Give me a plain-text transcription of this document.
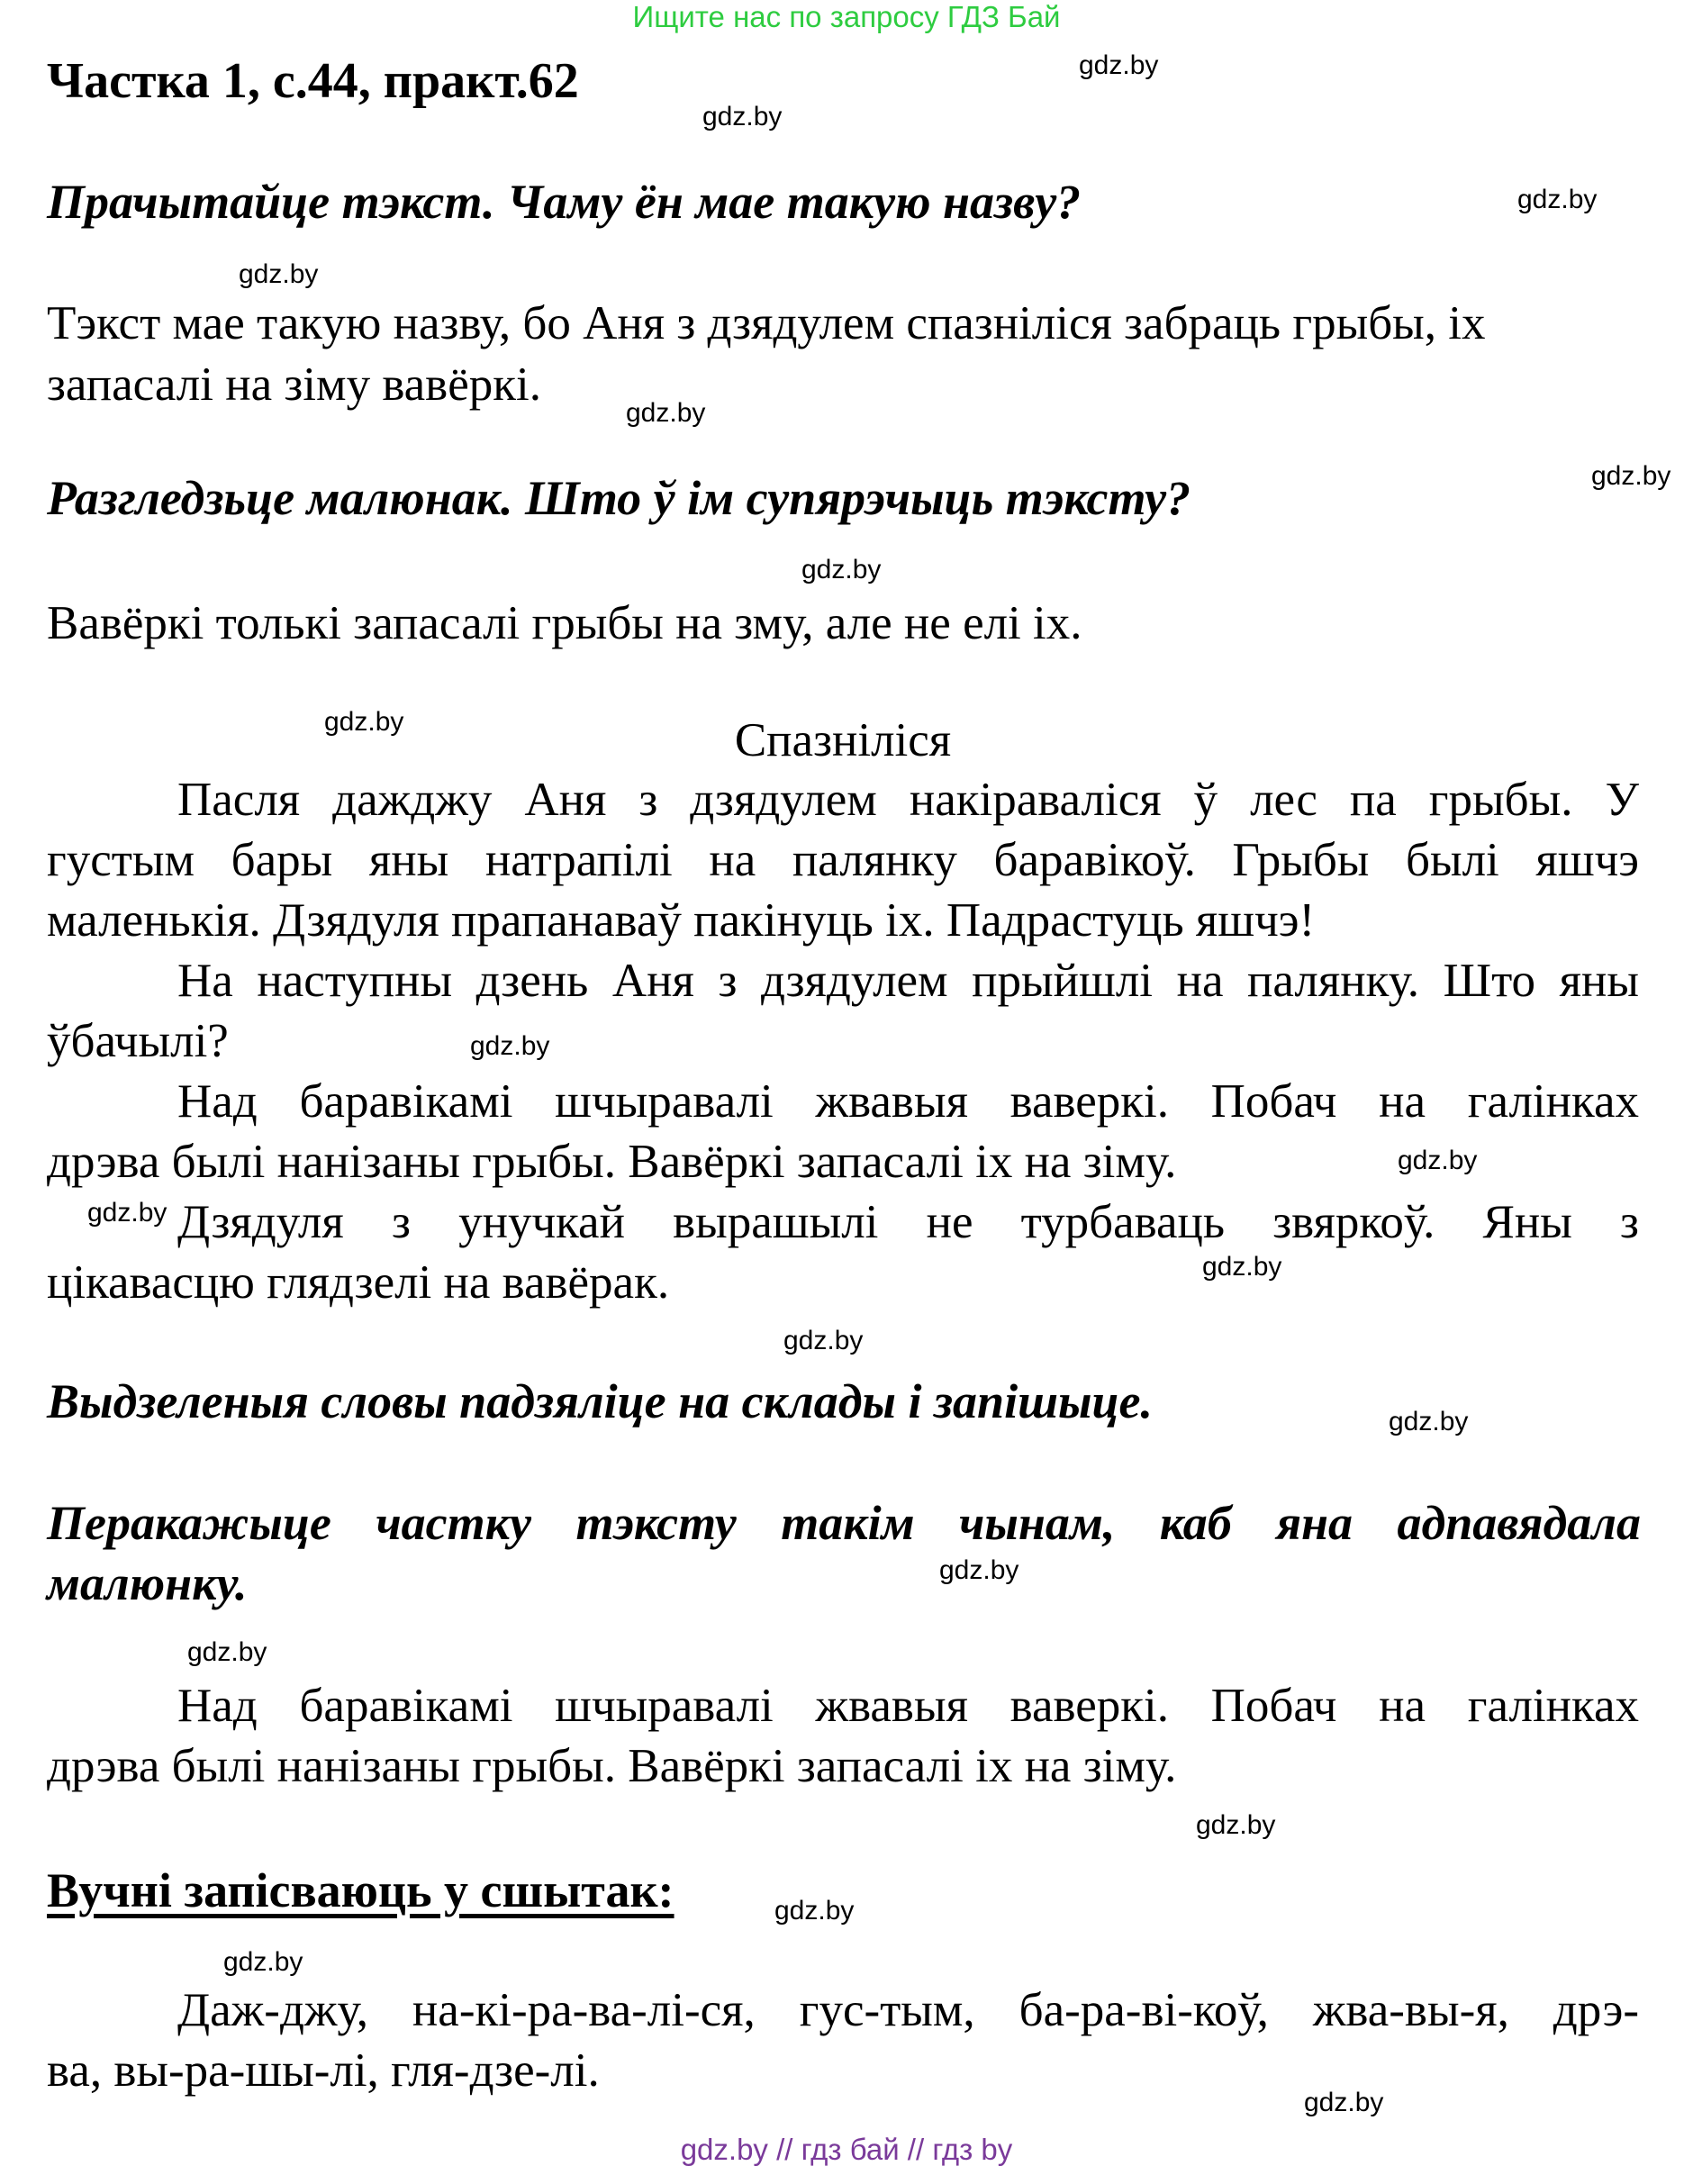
Ищите нас по запросу ГДЗ Бай
Частка 1, с.44, практ.62	gdz.by
gdz.by
Прачытайце тэкст. Чаму ён мае такую назву?	gdz.by
gdz.by
Тэкст мае такую назву, бо Аня з дзядулем спазніліся забраць грыбы, іх запасалі на зіму вавёркі.
gdz.by
gdz.by
Разгледзьце малюнак. Што ў ім супярэчыць тэксту?
gdz.by
Вавёркі толькі запасалі грыбы на зму, але не елі іх.
gdz.by	Спазніліся
Пасля дажджу Аня з дзядулем накіраваліся ў лес па грыбы. У
густым бары яны натрапілі на палянку баравікоў. Грыбы былі яшчэ
маленькія. Дзядуля прапанаваў пакінуць іх. Падрастуць яшчэ!
На наступны дзень Аня з дзядулем прыйшлі на палянку. Што яны
ўбачылі?	gdz.by
Над баравікамі шчыравалі жвавыя ваверкі. Побач на галінках
дрэва былі нанізаны грыбы. Вавёркі запасалі іх на зіму.	gdz.by
gdz.by Дзядуля з унучкай вырашылі не турбаваць звяркоў. Яны з
gdz.by
цікавасцю глядзелі на вавёрак.
gdz.by
Выдзеленыя словы падзяліце на склады і запішыце.	gdz.by
Перакажыце частку тэксту такім чынам, каб яна адпавядала
малюнку.	gdz.by
gdz.by
Над баравікамі шчыравалі жвавыя ваверкі. Побач на галінках
дрэва былі нанізаны грыбы. Вавёркі запасалі іх на зіму.
gdz.by
Вучні запісваюць у сшытак:	gdz.by
gdz.by
Даж-джу, на-кі-ра-ва-лі-ся, гус-тым, ба-ра-ві-коў, жва-вы-я, дрэ-
ва, вы-ра-шы-лі, гля-дзе-лі.
gdz.by
gdz.by // гдз бай // гдз by
